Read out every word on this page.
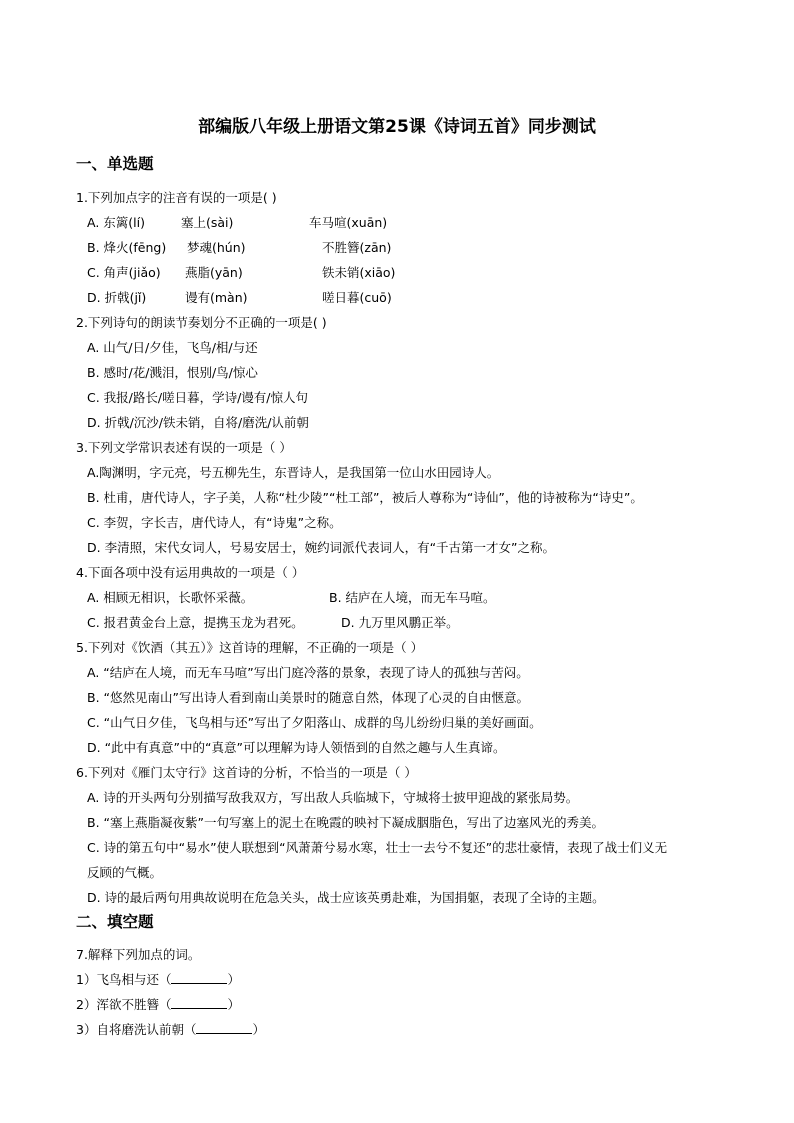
部编版八年级上册语文第25课《诗词五首》同步测试
一、单选题

1.下列加点字的注音有误的一项是( )

A. 东篱(lí)	塞上(sài)	车马喧(xuān)
B. 烽火(fēng) 梦魂(hún)	不胜簪(zān)
C. 角声(jiǎo) 燕脂(yān)	铁未销(xiāo)
D. 折戟(jǐ)	谩有(màn)	嗟日暮(cuō)

2.下列诗句的朗读节奏划分不正确的一项是( )

A. 山气/日/夕佳，飞鸟/相/与还

B. 感时/花/溅泪，恨别/鸟/惊心

C. 我报/路长/嗟日暮，学诗/谩有/惊人句

D. 折戟/沉沙/铁未销，自将/磨洗/认前朝

3.下列文学常识表述有误的一项是（ ）

A.陶渊明，字元亮，号五柳先生，东晋诗人，是我国第一位山水田园诗人。

B. 杜甫，唐代诗人，字子美，人称“杜少陵”“杜工部”，被后人尊称为“诗仙”，他的诗被称为“诗史”。

C. 李贺，字长吉，唐代诗人，有“诗鬼”之称。

D. 李清照，宋代女词人，号易安居士，婉约词派代表词人，有“千古第一才女”之称。

4.下面各项中没有运用典故的一项是（ ）

A. 相顾无相识，长歌怀采薇。	B. 结庐在人境，而无车马喧。
C. 报君黄金台上意，提携玉龙为君死。	D. 九万里风鹏正举。

5.下列对《饮酒（其五）》这首诗的理解，不正确的一项是（ ）

A. “结庐在人境，而无车马喧”写出门庭冷落的景象，表现了诗人的孤独与苦闷。

B. “悠然见南山”写出诗人看到南山美景时的随意自然，体现了心灵的自由惬意。

C. “山气日夕佳，飞鸟相与还”写出了夕阳落山、成群的鸟儿纷纷归巢的美好画面。

D. “此中有真意”中的“真意”可以理解为诗人领悟到的自然之趣与人生真谛。

6.下列对《雁门太守行》这首诗的分析，不恰当的一项是（ ）

A. 诗的开头两句分别描写敌我双方，写出敌人兵临城下，守城将士披甲迎战的紧张局势。

B. “塞上燕脂凝夜紫”一句写塞上的泥土在晚霞的映衬下凝成胭脂色，写出了边塞风光的秀美。

C. 诗的第五句中“易水”使人联想到“风萧萧兮易水寒，壮士一去兮不复还”的悲壮豪情，表现了战士们义无

反顾的气概。

D. 诗的最后两句用典故说明在危急关头，战士应该英勇赴难，为国捐躯，表现了全诗的主题。

二、填空题

7.解释下列加点的词。

1）飞鸟相与还（	）

2）浑欲不胜簪（	）

3）自将磨洗认前朝（	）
